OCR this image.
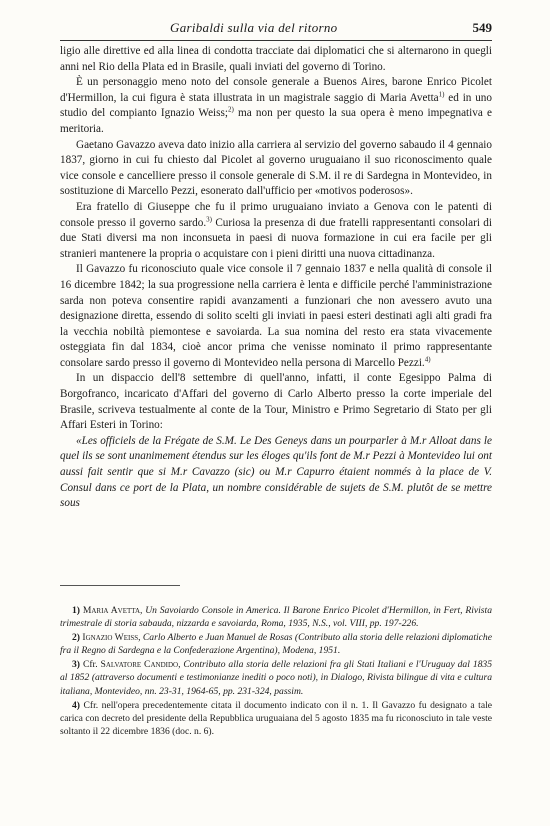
Garibaldi sulla via del ritorno	549

ligio alle direttive ed alla linea di condotta tracciate dai diplomatici che si alternarono in quegli anni nel Rio della Plata ed in Brasile, quali inviati del governo di Torino.

È un personaggio meno noto del console generale a Buenos Aires, barone Enrico Picolet d'Hermillon, la cui figura è stata illustrata in un magistrale saggio di Maria Avetta$^{1)}$ ed in uno studio del compianto Ignazio Weiss;$^{2)}$ ma non per questo la sua opera è meno impegnativa e meritoria.

Gaetano Gavazzo aveva dato inizio alla carriera al servizio del governo sabaudo il 4 gennaio 1837, giorno in cui fu chiesto dal Picolet al governo uruguaiano il suo riconoscimento quale vice console e cancelliere presso il console generale di S.M. il re di Sardegna in Montevideo, in sostituzione di Marcello Pezzi, esonerato dall'ufficio per «motivos poderosos».

Era fratello di Giuseppe che fu il primo uruguaiano inviato a Genova con le patenti di console presso il governo sardo.$^{3)}$ Curiosa la presenza di due fratelli rappresentanti consolari di due Stati diversi ma non inconsueta in paesi di nuova formazione in cui era facile per gli stranieri mantenere la propria o acquistare con i pieni diritti una nuova cittadinanza.

Il Gavazzo fu riconosciuto quale vice console il 7 gennaio 1837 e nella qualità di console il 16 dicembre 1842; la sua progressione nella carriera è lenta e difficile perché l'amministrazione sarda non poteva consentire rapidi avanzamenti a funzionari che non avessero avuto una designazione diretta, essendo di solito scelti gli inviati in paesi esteri destinati agli alti gradi fra la vecchia nobiltà piemontese e savoiarda. La sua nomina del resto era stata vivacemente osteggiata fin dal 1834, cioè ancor prima che venisse nominato il primo rappresentante consolare sardo presso il governo di Montevideo nella persona di Marcello Pezzi.$^{4)}$

In un dispaccio dell'8 settembre di quell'anno, infatti, il conte Egesippo Palma di Borgofranco, incaricato d'Affari del governo di Carlo Alberto presso la corte imperiale del Brasile, scriveva testualmente al conte de la Tour, Ministro e Primo Segretario di Stato per gli Affari Esteri in Torino:

«Les officiels de la Frégate de S.M. Le Des Geneys dans un pourparler à M.r Alloat dans le quel ils se sont unanimement étendus sur les éloges qu'ils font de M.r Pezzi à Montevideo lui ont aussi fait sentir que si M.r Cavazzo (sic) ou M.r Capurro étaient nommés à la place de V. Consul dans ce port de la Plata, un nombre considérable de sujets de S.M. plutôt de se mettre sous

1) Maria Avetta, Un Savoiardo Console in America. Il Barone Enrico Picolet d'Hermillon, in Fert, Rivista trimestrale di storia sabauda, nizzarda e savoiarda, Roma, 1935, N.S., vol. VIII, pp. 197-226.

2) Ignazio Weiss, Carlo Alberto e Juan Manuel de Rosas (Contributo alla storia delle relazioni diplomatiche fra il Regno di Sardegna e la Confederazione Argentina), Modena, 1951.

3) Cfr. Salvatore Candido, Contributo alla storia delle relazioni fra gli Stati Italiani e l'Uruguay dal 1835 al 1852 (attraverso documenti e testimonianze inediti o poco noti), in Dialogo, Rivista bilingue di vita e cultura italiana, Montevideo, nn. 23-31, 1964-65, pp. 231-324, passim.

4) Cfr. nell'opera precedentemente citata il documento indicato con il n. 1. Il Gavazzo fu designato a tale carica con decreto del presidente della Repubblica uruguaiana del 5 agosto 1835 ma fu riconosciuto in tale veste soltanto il 22 dicembre 1836 (doc. n. 6).
